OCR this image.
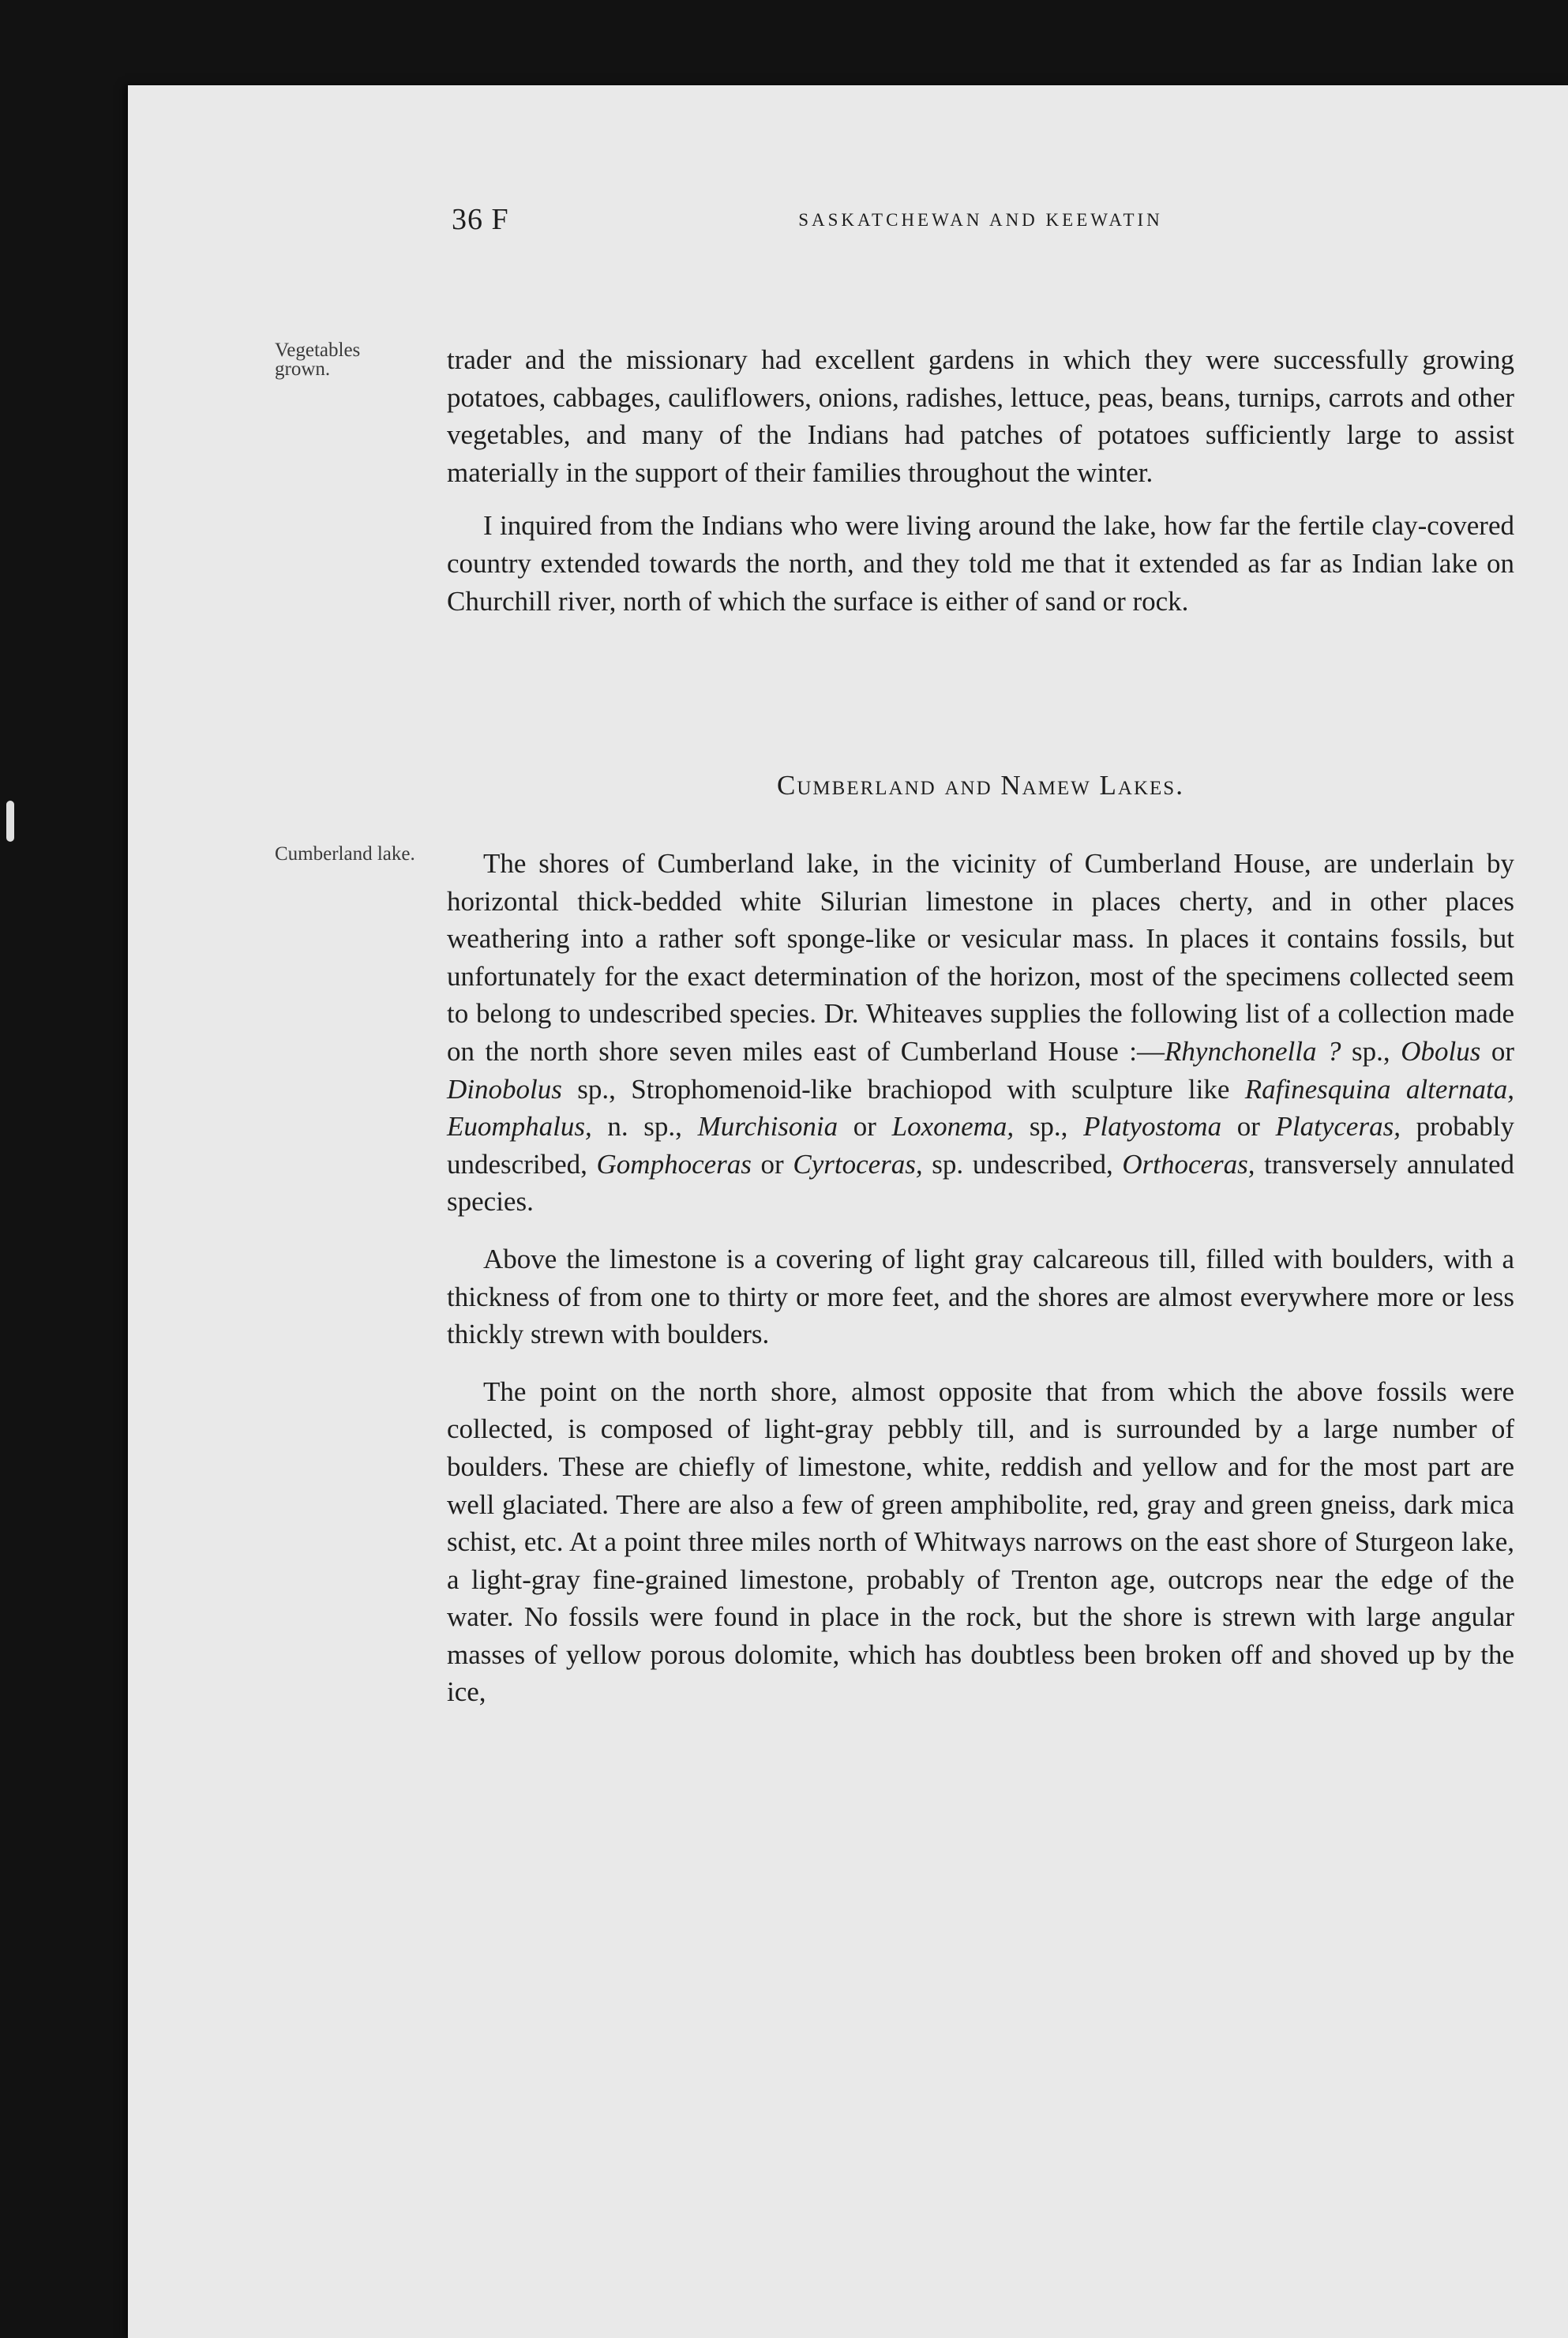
36 F	SASKATCHEWAN AND KEEWATIN
Vegetables grown.
Cumberland lake.

trader and the missionary had excellent gardens in which they were successfully growing potatoes, cabbages, cauliflowers, onions, radishes, lettuce, peas, beans, turnips, carrots and other vegetables, and many of the Indians had patches of potatoes sufficiently large to assist materially in the support of their families throughout the winter.

I inquired from the Indians who were living around the lake, how far the fertile clay-covered country extended towards the north, and they told me that it extended as far as Indian lake on Churchill river, north of which the surface is either of sand or rock.

Cumberland and Namew Lakes.

The shores of Cumberland lake, in the vicinity of Cumberland House, are underlain by horizontal thick-bedded white Silurian limestone in places cherty, and in other places weathering into a rather soft sponge-like or vesicular mass. In places it contains fossils, but unfortunately for the exact determination of the horizon, most of the specimens collected seem to belong to undescribed species. Dr. Whiteaves supplies the following list of a collection made on the north shore seven miles east of Cumberland House :—Rhynchonella ? sp., Obolus or Dinobolus sp., Strophomenoid-like brachiopod with sculpture like Rafinesquina alternata, Euomphalus, n. sp., Murchisonia or Loxonema, sp., Platyostoma or Platyceras, probably undescribed, Gomphoceras or Cyrtoceras, sp. undescribed, Orthoceras, transversely annulated species.

Above the limestone is a covering of light gray calcareous till, filled with boulders, with a thickness of from one to thirty or more feet, and the shores are almost everywhere more or less thickly strewn with boulders.

The point on the north shore, almost opposite that from which the above fossils were collected, is composed of light-gray pebbly till, and is surrounded by a large number of boulders. These are chiefly of limestone, white, reddish and yellow and for the most part are well glaciated. There are also a few of green amphibolite, red, gray and green gneiss, dark mica schist, etc. At a point three miles north of Whitways narrows on the east shore of Sturgeon lake, a light-gray fine-grained limestone, probably of Trenton age, outcrops near the edge of the water. No fossils were found in place in the rock, but the shore is strewn with large angular masses of yellow porous dolomite, which has doubtless been broken off and shoved up by the ice,
